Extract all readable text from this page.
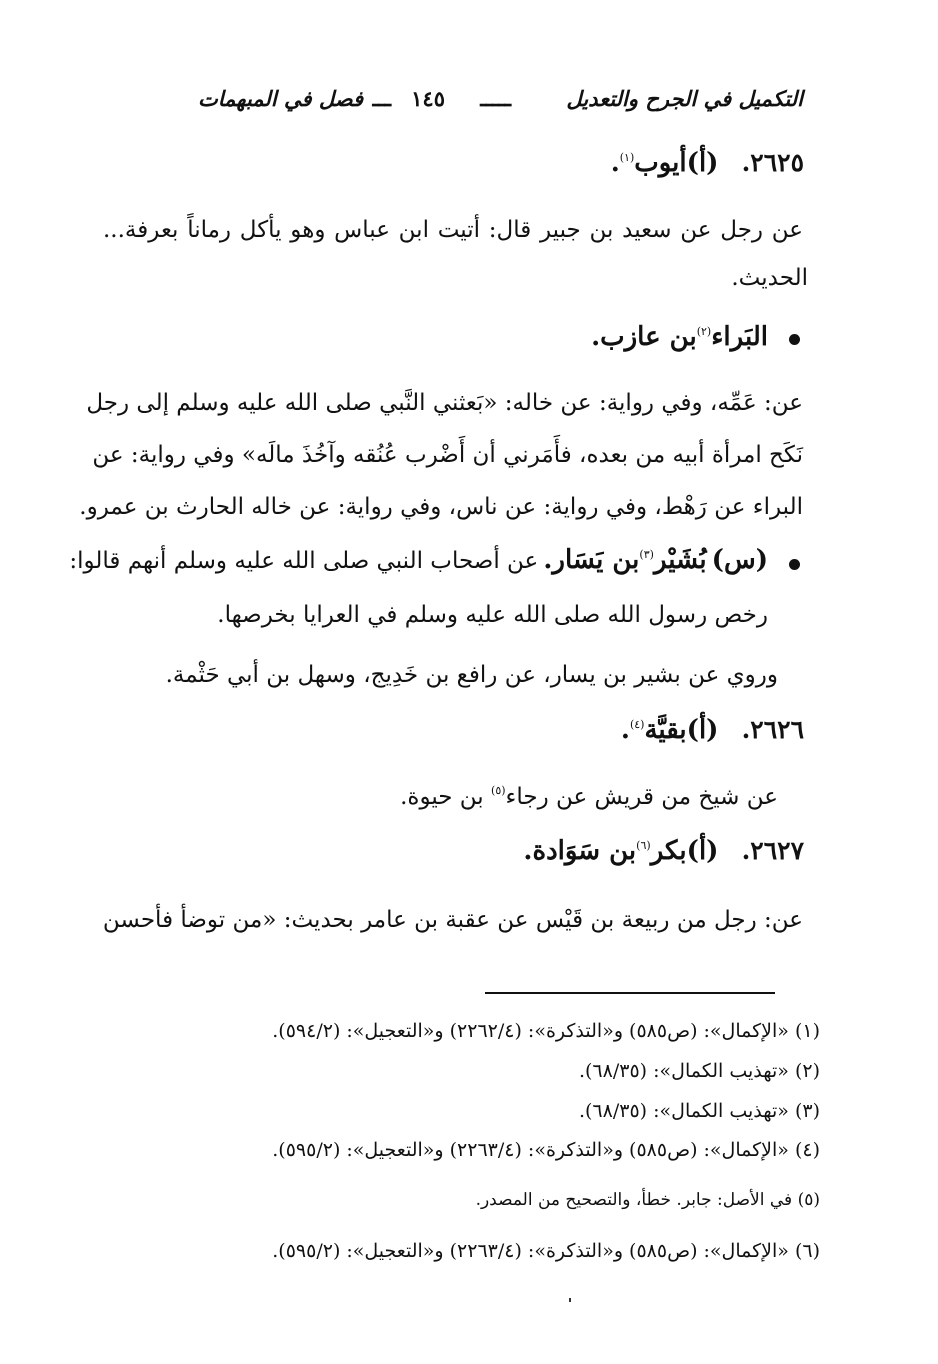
التكميل في الجرح والتعديل
ـــــ
١٤٥
ـــ
فصل في المبهمات
٢٦٢٥. (أ)أيوب$^{(١)}$.
عن رجل عن سعيد بن جبير قال: أتيت ابن عباس وهو يأكل رماناً بعرفة...
الحديث.
البَراء$^{(٢)}$بن عازب.
عن: عَمِّه، وفي رواية: عن خاله: «بَعثني النَّبي صلى الله عليه وسلم إلى رجل
نَكَح امرأة أبيه من بعده، فأَمَرني أن أَضْرب عُنُقه وآخُذَ مالَه» وفي رواية: عن
البراء عن رَهْط، وفي رواية: عن ناس، وفي رواية: عن خاله الحارث بن عمرو.
(س) بُشَيْر$^{(٣)}$بن يَسَار. عن أصحاب النبي صلى الله عليه وسلم أنهم قالوا:
رخص رسول الله صلى الله عليه وسلم في العرايا بخرصها.
وروي عن بشير بن يسار، عن رافع بن خَدِيج، وسهل بن أبي حَثْمة.
٢٦٢٦. (أ)بقيَّة$^{(٤)}$.
عن شيخ من قريش عن رجاء$^{(٥)}$ بن حيوة.
٢٦٢٧. (أ)بكر$^{(٦)}$بن سَوَادة.
عن: رجل من ربيعة بن قَيْس عن عقبة بن عامر بحديث: «من توضأ فأحسن
(١) «الإكمال»: (ص٥٨٥) و«التذكرة»: (٢٢٦٢/٤) و«التعجيل»: (٥٩٤/٢).
(٢) «تهذيب الكمال»: (٦٨/٣٥).
(٣) «تهذيب الكمال»: (٦٨/٣٥).
(٤) «الإكمال»: (ص٥٨٥) و«التذكرة»: (٢٢٦٣/٤) و«التعجيل»: (٥٩٥/٢).
(٥) في الأصل: جابر. خطأ، والتصحيح من المصدر.
(٦) «الإكمال»: (ص٥٨٥) و«التذكرة»: (٢٢٦٣/٤) و«التعجيل»: (٥٩٥/٢).
